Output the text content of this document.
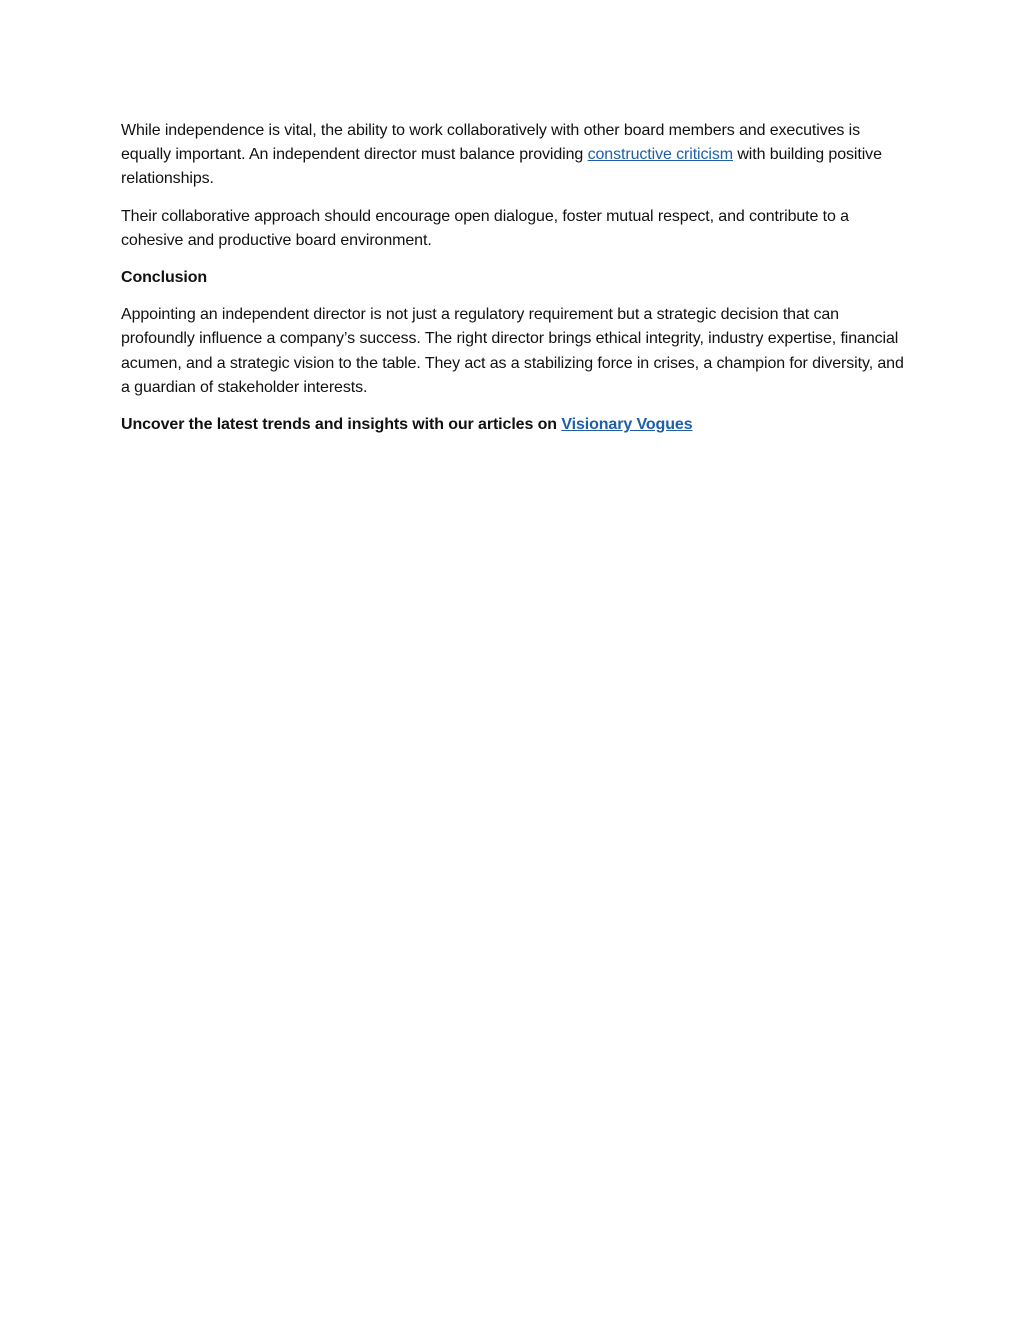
While independence is vital, the ability to work collaboratively with other board members and executives is equally important. An independent director must balance providing constructive criticism with building positive relationships.

Their collaborative approach should encourage open dialogue, foster mutual respect, and contribute to a cohesive and productive board environment.

Conclusion

Appointing an independent director is not just a regulatory requirement but a strategic decision that can profoundly influence a company’s success. The right director brings ethical integrity, industry expertise, financial acumen, and a strategic vision to the table. They act as a stabilizing force in crises, a champion for diversity, and a guardian of stakeholder interests.

Uncover the latest trends and insights with our articles on Visionary Vogues
